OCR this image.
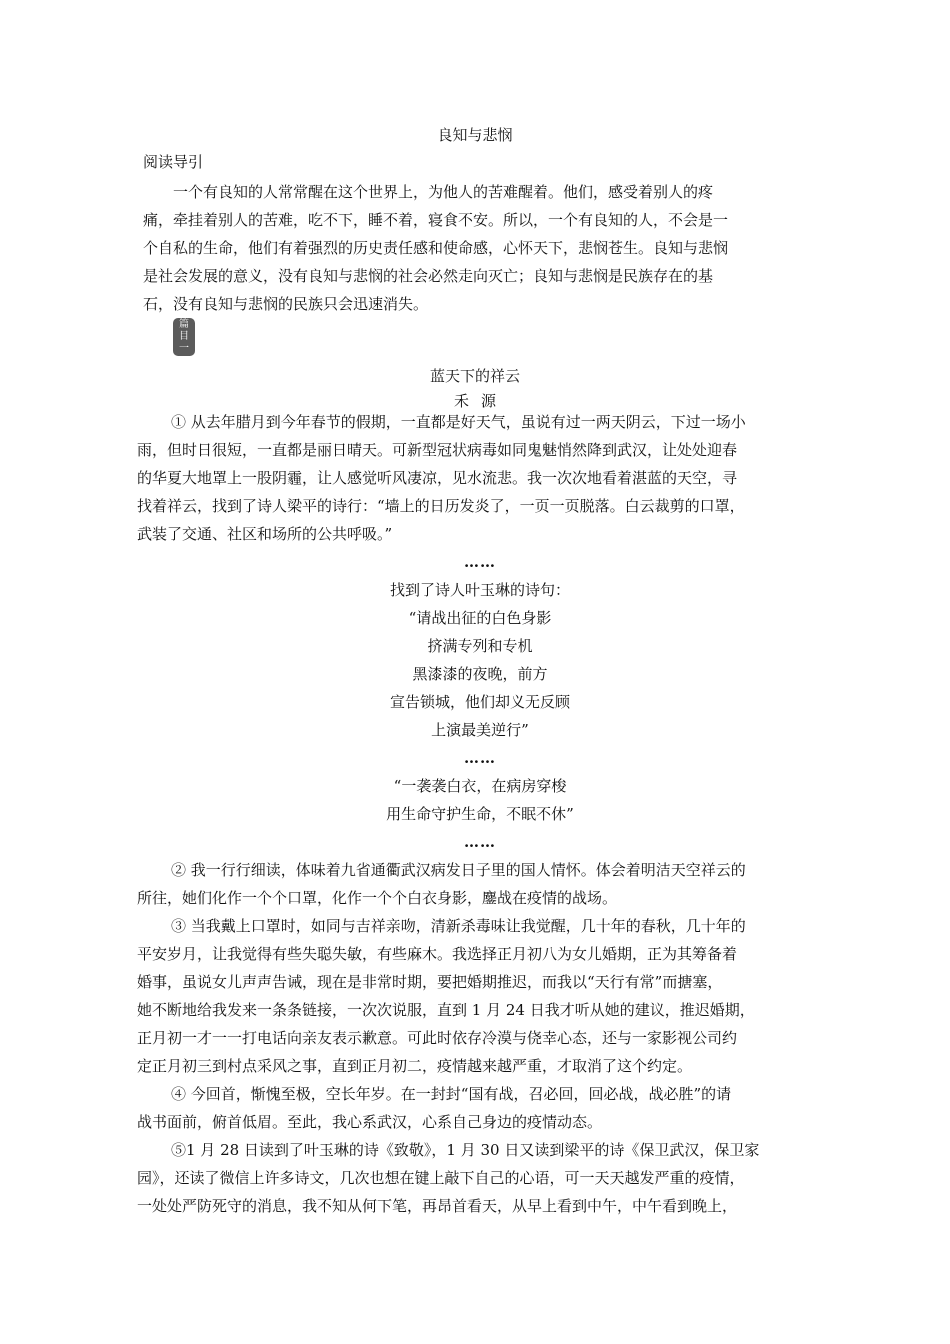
良知与悲悯
阅读导引
一个有良知的人常常醒在这个世界上，为他人的苦难醒着。他们，感受着别人的疼
痛，牵挂着别人的苦难，吃不下，睡不着，寝食不安。所以，一个有良知的人，不会是一
个自私的生命，他们有着强烈的历史责任感和使命感，心怀天下，悲悯苍生。良知与悲悯
是社会发展的意义，没有良知与悲悯的社会必然走向灭亡；良知与悲悯是民族存在的基
石，没有良知与悲悯的民族只会迅速消失。
篇
目
一
蓝天下的祥云
禾源
① 从去年腊月到今年春节的假期，一直都是好天气，虽说有过一两天阴云，下过一场小
雨，但时日很短，一直都是丽日晴天。可新型冠状病毒如同鬼魅悄然降到武汉，让处处迎春
的华夏大地罩上一股阴霾，让人感觉听风凄凉，见水流悲。我一次次地看着湛蓝的天空，寻
找着祥云，找到了诗人梁平的诗行：“墙上的日历发炎了，一页一页脱落。白云裁剪的口罩，
武装了交通、社区和场所的公共呼吸。”
……
找到了诗人叶玉琳的诗句：
“请战出征的白色身影
挤满专列和专机
黑漆漆的夜晚，前方
宣告锁城，他们却义无反顾
上演最美逆行”
……
“一袭袭白衣，在病房穿梭
用生命守护生命，不眠不休”
……
② 我一行行细读，体味着九省通衢武汉病发日子里的国人情怀。体会着明洁天空祥云的
所往，她们化作一个个口罩，化作一个个白衣身影，鏖战在疫情的战场。
③ 当我戴上口罩时，如同与吉祥亲吻，清新杀毒味让我觉醒，几十年的春秋，几十年的
平安岁月，让我觉得有些失聪失敏，有些麻木。我选择正月初八为女儿婚期，正为其筹备着
婚事，虽说女儿声声告诫，现在是非常时期，要把婚期推迟，而我以“天行有常”而搪塞，
她不断地给我发来一条条链接，一次次说服，直到 1 月 24 日我才听从她的建议，推迟婚期，
正月初一才一一打电话向亲友表示歉意。可此时依存冷漠与侥幸心态，还与一家影视公司约
定正月初三到村点采风之事，直到正月初二，疫情越来越严重，才取消了这个约定。
④ 今回首，惭愧至极，空长年岁。在一封封“国有战，召必回，回必战，战必胜”的请
战书面前，俯首低眉。至此，我心系武汉，心系自己身边的疫情动态。
⑤1 月 28 日读到了叶玉琳的诗《致敬》，1 月 30 日又读到梁平的诗《保卫武汉，保卫家
园》，还读了微信上许多诗文，几次也想在键上敲下自己的心语，可一天天越发严重的疫情，
一处处严防死守的消息，我不知从何下笔，再昂首看天，从早上看到中午，中午看到晚上，
